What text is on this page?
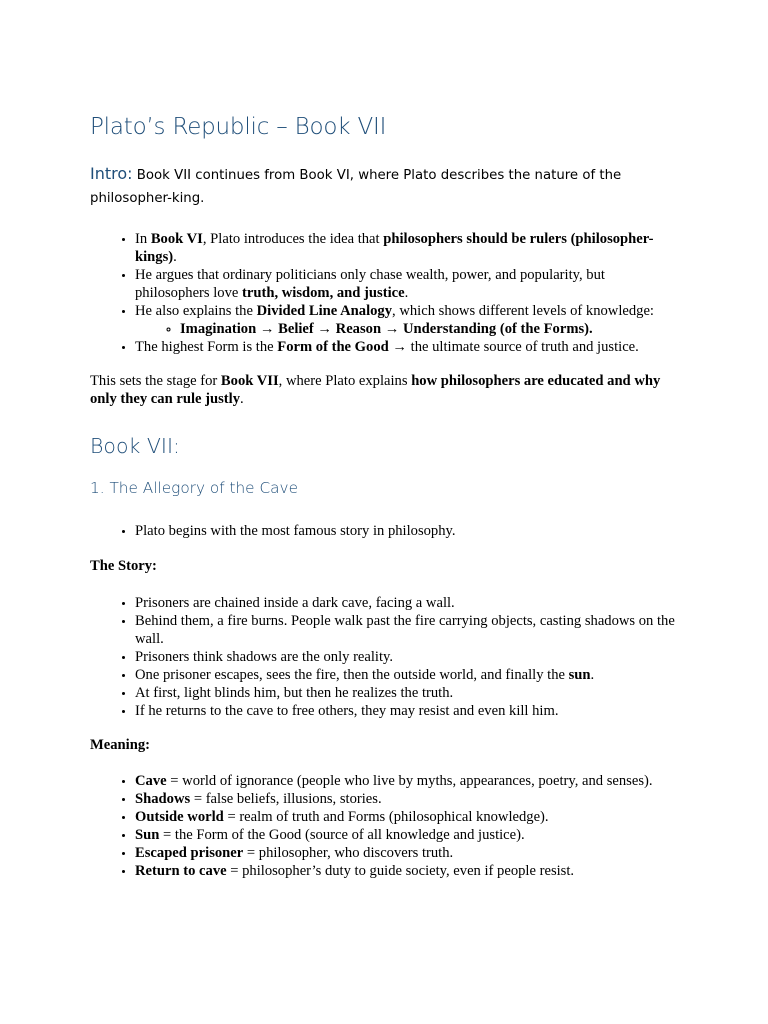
Plato’s Republic – Book VII

Intro: Book VII continues from Book VI, where Plato describes the nature of the philosopher-king.

• In Book VI, Plato introduces the idea that philosophers should be rulers (philosopher-kings).
• He argues that ordinary politicians only chase wealth, power, and popularity, but philosophers love truth, wisdom, and justice.
• He also explains the Divided Line Analogy, which shows different levels of knowledge:
◦ Imagination → Belief → Reason → Understanding (of the Forms).
• The highest Form is the Form of the Good → the ultimate source of truth and justice.

This sets the stage for Book VII, where Plato explains how philosophers are educated and why only they can rule justly.

Book VII:
1. The Allegory of the Cave
• Plato begins with the most famous story in philosophy.

The Story:

• Prisoners are chained inside a dark cave, facing a wall.
• Behind them, a fire burns. People walk past the fire carrying objects, casting shadows on the wall.
• Prisoners think shadows are the only reality.
• One prisoner escapes, sees the fire, then the outside world, and finally the sun.
• At first, light blinds him, but then he realizes the truth.
• If he returns to the cave to free others, they may resist and even kill him.

Meaning:

• Cave = world of ignorance (people who live by myths, appearances, poetry, and senses).
• Shadows = false beliefs, illusions, stories.
• Outside world = realm of truth and Forms (philosophical knowledge).
• Sun = the Form of the Good (source of all knowledge and justice).
• Escaped prisoner = philosopher, who discovers truth.
• Return to cave = philosopher’s duty to guide society, even if people resist.
